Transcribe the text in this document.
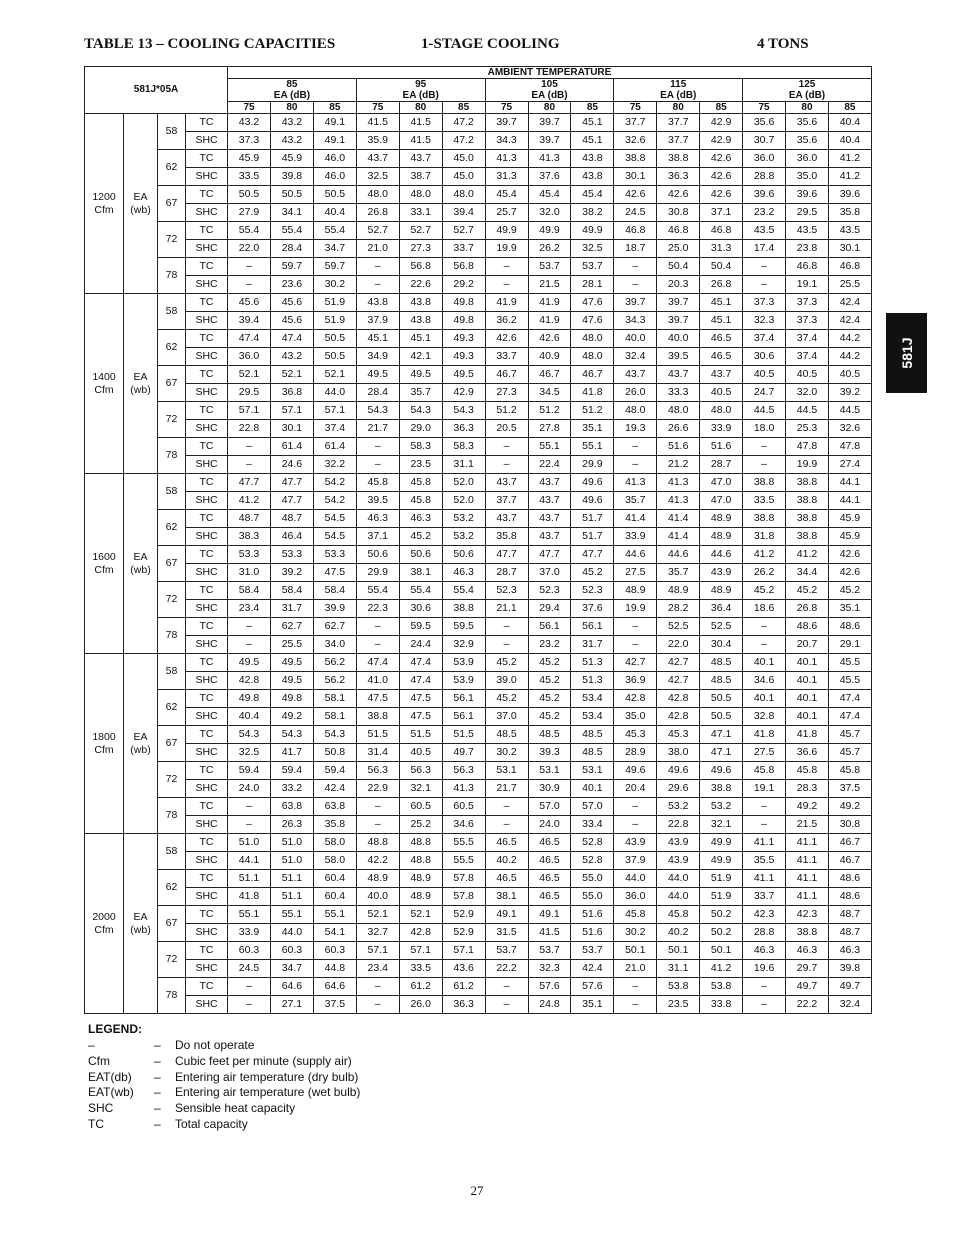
TABLE 13 – COOLING CAPACITIES	1-STAGE COOLING	4 TONS
581J
581J*05A				AMBIENT TEMPERATURE														
				85			95			105			115			125		
				EA (dB)			EA (dB)			EA (dB)			EA (dB)			EA (dB)		
				75	80	85	75	80	85	75	80	85	75	80	85	75	80	85
1200
Cfm	EA
(wb)	58	TC	43.2	43.2	49.1	41.5	41.5	47.2	39.7	39.7	45.1	37.7	37.7	42.9	35.6	35.6	40.4
			SHC	37.3	43.2	49.1	35.9	41.5	47.2	34.3	39.7	45.1	32.6	37.7	42.9	30.7	35.6	40.4
		62	TC	45.9	45.9	46.0	43.7	43.7	45.0	41.3	41.3	43.8	38.8	38.8	42.6	36.0	36.0	41.2
			SHC	33.5	39.8	46.0	32.5	38.7	45.0	31.3	37.6	43.8	30.1	36.3	42.6	28.8	35.0	41.2
		67	TC	50.5	50.5	50.5	48.0	48.0	48.0	45.4	45.4	45.4	42.6	42.6	42.6	39.6	39.6	39.6
			SHC	27.9	34.1	40.4	26.8	33.1	39.4	25.7	32.0	38.2	24.5	30.8	37.1	23.2	29.5	35.8
		72	TC	55.4	55.4	55.4	52.7	52.7	52.7	49.9	49.9	49.9	46.8	46.8	46.8	43.5	43.5	43.5
			SHC	22.0	28.4	34.7	21.0	27.3	33.7	19.9	26.2	32.5	18.7	25.0	31.3	17.4	23.8	30.1
		78	TC	–	59.7	59.7	–	56.8	56.8	–	53.7	53.7	–	50.4	50.4	–	46.8	46.8
			SHC	–	23.6	30.2	–	22.6	29.2	–	21.5	28.1	–	20.3	26.8	–	19.1	25.5
1400
Cfm	EA
(wb)	58	TC	45.6	45.6	51.9	43.8	43.8	49.8	41.9	41.9	47.6	39.7	39.7	45.1	37.3	37.3	42.4
			SHC	39.4	45.6	51.9	37.9	43.8	49.8	36.2	41.9	47.6	34.3	39.7	45.1	32.3	37.3	42.4
		62	TC	47.4	47.4	50.5	45.1	45.1	49.3	42.6	42.6	48.0	40.0	40.0	46.5	37.4	37.4	44.2
			SHC	36.0	43.2	50.5	34.9	42.1	49.3	33.7	40.9	48.0	32.4	39.5	46.5	30.6	37.4	44.2
		67	TC	52.1	52.1	52.1	49.5	49.5	49.5	46.7	46.7	46.7	43.7	43.7	43.7	40.5	40.5	40.5
			SHC	29.5	36.8	44.0	28.4	35.7	42.9	27.3	34.5	41.8	26.0	33.3	40.5	24.7	32.0	39.2
		72	TC	57.1	57.1	57.1	54.3	54.3	54.3	51.2	51.2	51.2	48.0	48.0	48.0	44.5	44.5	44.5
			SHC	22.8	30.1	37.4	21.7	29.0	36.3	20.5	27.8	35.1	19.3	26.6	33.9	18.0	25.3	32.6
		78	TC	–	61.4	61.4	–	58.3	58.3	–	55.1	55.1	–	51.6	51.6	–	47.8	47.8
			SHC	–	24.6	32.2	–	23.5	31.1	–	22.4	29.9	–	21.2	28.7	–	19.9	27.4
1600
Cfm	EA
(wb)	58	TC	47.7	47.7	54.2	45.8	45.8	52.0	43.7	43.7	49.6	41.3	41.3	47.0	38.8	38.8	44.1
			SHC	41.2	47.7	54.2	39.5	45.8	52.0	37.7	43.7	49.6	35.7	41.3	47.0	33.5	38.8	44.1
		62	TC	48.7	48.7	54.5	46.3	46.3	53.2	43.7	43.7	51.7	41.4	41.4	48.9	38.8	38.8	45.9
			SHC	38.3	46.4	54.5	37.1	45.2	53.2	35.8	43.7	51.7	33.9	41.4	48.9	31.8	38.8	45.9
		67	TC	53.3	53.3	53.3	50.6	50.6	50.6	47.7	47.7	47.7	44.6	44.6	44.6	41.2	41.2	42.6
			SHC	31.0	39.2	47.5	29.9	38.1	46.3	28.7	37.0	45.2	27.5	35.7	43.9	26.2	34.4	42.6
		72	TC	58.4	58.4	58.4	55.4	55.4	55.4	52.3	52.3	52.3	48.9	48.9	48.9	45.2	45.2	45.2
			SHC	23.4	31.7	39.9	22.3	30.6	38.8	21.1	29.4	37.6	19.9	28.2	36.4	18.6	26.8	35.1
		78	TC	–	62.7	62.7	–	59.5	59.5	–	56.1	56.1	–	52.5	52.5	–	48.6	48.6
			SHC	–	25.5	34.0	–	24.4	32.9	–	23.2	31.7	–	22.0	30.4	–	20.7	29.1
1800
Cfm	EA
(wb)	58	TC	49.5	49.5	56.2	47.4	47.4	53.9	45.2	45.2	51.3	42.7	42.7	48.5	40.1	40.1	45.5
			SHC	42.8	49.5	56.2	41.0	47.4	53.9	39.0	45.2	51.3	36.9	42.7	48.5	34.6	40.1	45.5
		62	TC	49.8	49.8	58.1	47.5	47.5	56.1	45.2	45.2	53.4	42.8	42.8	50.5	40.1	40.1	47.4
			SHC	40.4	49.2	58.1	38.8	47.5	56.1	37.0	45.2	53.4	35.0	42.8	50.5	32.8	40.1	47.4
		67	TC	54.3	54.3	54.3	51.5	51.5	51.5	48.5	48.5	48.5	45.3	45.3	47.1	41.8	41.8	45.7
			SHC	32.5	41.7	50.8	31.4	40.5	49.7	30.2	39.3	48.5	28.9	38.0	47.1	27.5	36.6	45.7
		72	TC	59.4	59.4	59.4	56.3	56.3	56.3	53.1	53.1	53.1	49.6	49.6	49.6	45.8	45.8	45.8
			SHC	24.0	33.2	42.4	22.9	32.1	41.3	21.7	30.9	40.1	20.4	29.6	38.8	19.1	28.3	37.5
		78	TC	–	63.8	63.8	–	60.5	60.5	–	57.0	57.0	–	53.2	53.2	–	49.2	49.2
			SHC	–	26.3	35.8	–	25.2	34.6	–	24.0	33.4	–	22.8	32.1	–	21.5	30.8
2000
Cfm	EA
(wb)	58	TC	51.0	51.0	58.0	48.8	48.8	55.5	46.5	46.5	52.8	43.9	43.9	49.9	41.1	41.1	46.7
			SHC	44.1	51.0	58.0	42.2	48.8	55.5	40.2	46.5	52.8	37.9	43.9	49.9	35.5	41.1	46.7
		62	TC	51.1	51.1	60.4	48.9	48.9	57.8	46.5	46.5	55.0	44.0	44.0	51.9	41.1	41.1	48.6
			SHC	41.8	51.1	60.4	40.0	48.9	57.8	38.1	46.5	55.0	36.0	44.0	51.9	33.7	41.1	48.6
		67	TC	55.1	55.1	55.1	52.1	52.1	52.9	49.1	49.1	51.6	45.8	45.8	50.2	42.3	42.3	48.7
			SHC	33.9	44.0	54.1	32.7	42.8	52.9	31.5	41.5	51.6	30.2	40.2	50.2	28.8	38.8	48.7
		72	TC	60.3	60.3	60.3	57.1	57.1	57.1	53.7	53.7	53.7	50.1	50.1	50.1	46.3	46.3	46.3
			SHC	24.5	34.7	44.8	23.4	33.5	43.6	22.2	32.3	42.4	21.0	31.1	41.2	19.6	29.7	39.8
		78	TC	–	64.6	64.6	–	61.2	61.2	–	57.6	57.6	–	53.8	53.8	–	49.7	49.7
			SHC	–	27.1	37.5	–	26.0	36.3	–	24.8	35.1	–	23.5	33.8	–	22.2	32.4
LEGEND:
–	– Do not operate
Cfm	– Cubic feet per minute (supply air)
EAT(db) – Entering air temperature (dry bulb)
EAT(wb) – Entering air temperature (wet bulb)
SHC	– Sensible heat capacity
TC	– Total capacity
27
